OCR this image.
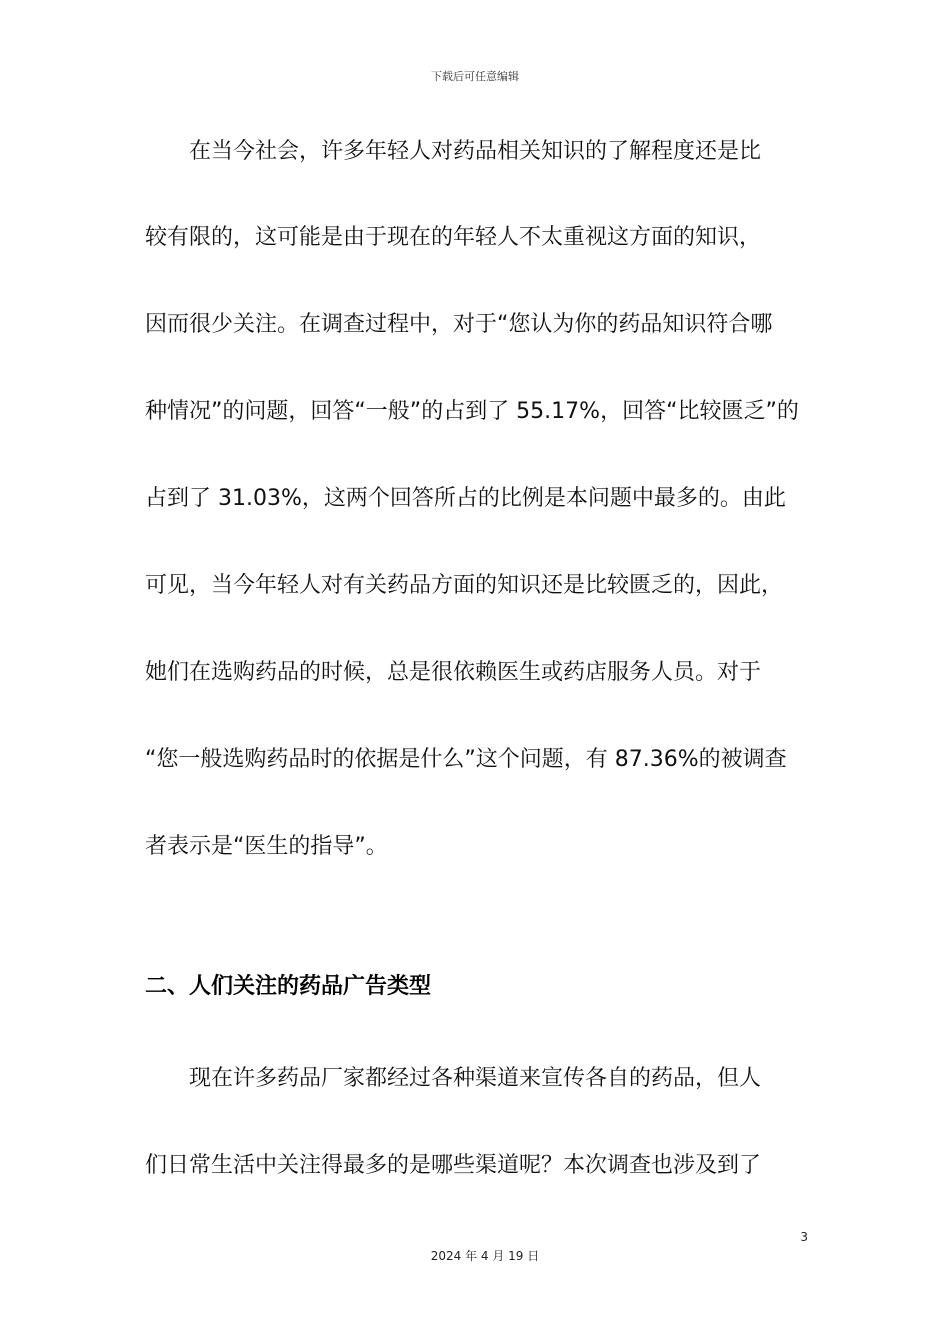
下载后可任意编辑
在当今社会，许多年轻人对药品相关知识的了解程度还是比
较有限的，这可能是由于现在的年轻人不太重视这方面的知识，
因而很少关注。在调查过程中，对于“您认为你的药品知识符合哪
种情况”的问题，回答“一般”的占到了 55.17%，回答“比较匮乏”的
占到了 31.03%，这两个回答所占的比例是本问题中最多的。由此
可见，当今年轻人对有关药品方面的知识还是比较匮乏的，因此，
她们在选购药品的时候，总是很依赖医生或药店服务人员。对于
“您一般选购药品时的依据是什么”这个问题，有 87.36%的被调查
者表示是“医生的指导”。
二、人们关注的药品广告类型
现在许多药品厂家都经过各种渠道来宣传各自的药品，但人
们日常生活中关注得最多的是哪些渠道呢？本次调查也涉及到了
3
2024 年 4 月 19 日
